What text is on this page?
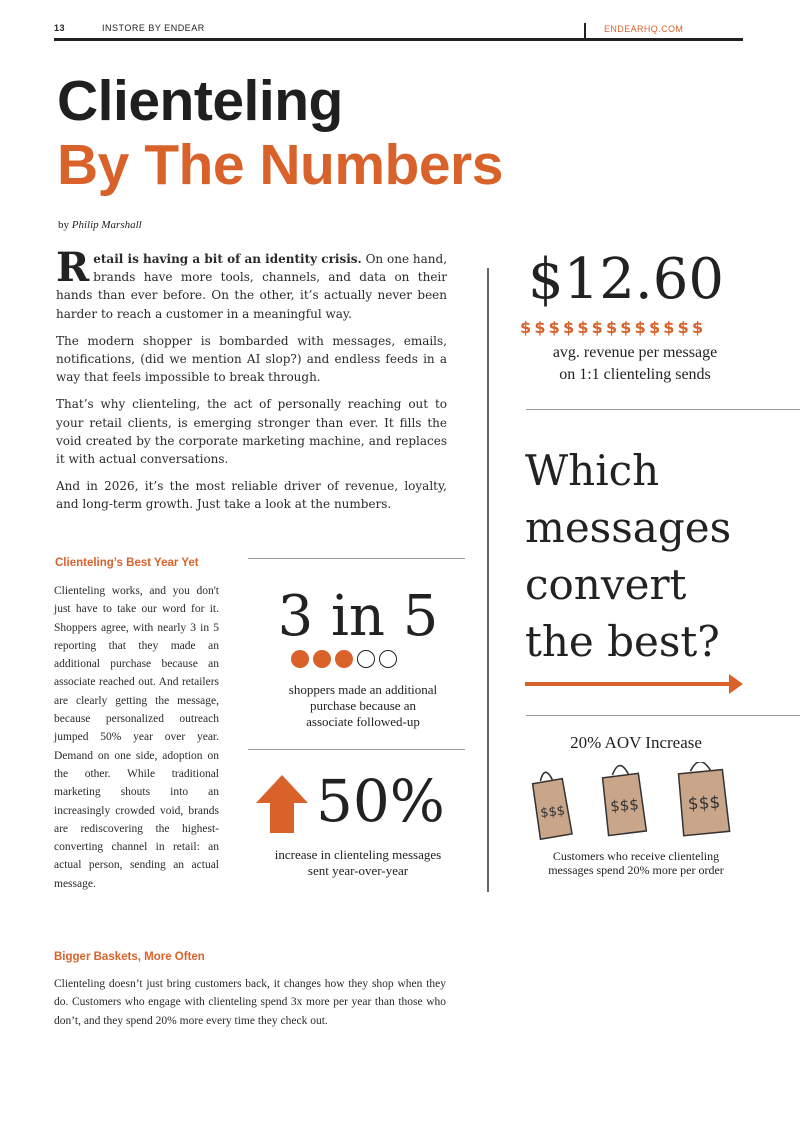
13	INSTORE BY ENDEAR	ENDEARHQ.COM
Clienteling
By The Numbers
by Philip Marshall

Retail is having a bit of an identity crisis. On one hand, brands have more tools, channels, and data on their hands than ever before. On the other, it’s actually never been harder to reach a customer in a meaningful way.

The modern shopper is bombarded with messages, emails, notifications, (did we mention AI slop?) and endless feeds in a way that feels impossible to break through.

That’s why clienteling, the act of personally reaching out to your retail clients, is emerging stronger than ever. It fills the void created by the corporate marketing machine, and replaces it with actual conversations.

And in 2026, it’s the most reliable driver of revenue, loyalty, and long-term growth. Just take a look at the numbers.

$12.60
$ $ $ $ $ $ $ $ $ $ $ $ $
avg. revenue per message
on 1:1 clienteling sends
Which
messages
convert
the best?
20% AOV Increase
$$$	$$$	$$$
Customers who receive clienteling
messages spend 20% more per order
Clienteling’s Best Year Yet
Clienteling works, and you don't just have to take our word for it. Shoppers agree, with nearly 3 in 5 reporting that they made an additional purchase because an associate reached out. And retailers are clearly getting the message, because personalized outreach jumped 50% year over year. Demand on one side, adoption on the other. While traditional marketing shouts into an increasingly crowded void, brands are rediscovering the highest-converting channel in retail: an actual person, sending an actual message.
3 in 5
shoppers made an additional
purchase because an
associate followed-up
50%
increase in clienteling messages
sent year-over-year
Bigger Baskets, More Often
Clienteling doesn’t just bring customers back, it changes how they shop when they do. Customers who engage with clienteling spend 3x more per year than those who don’t, and they spend 20% more every time they check out.
